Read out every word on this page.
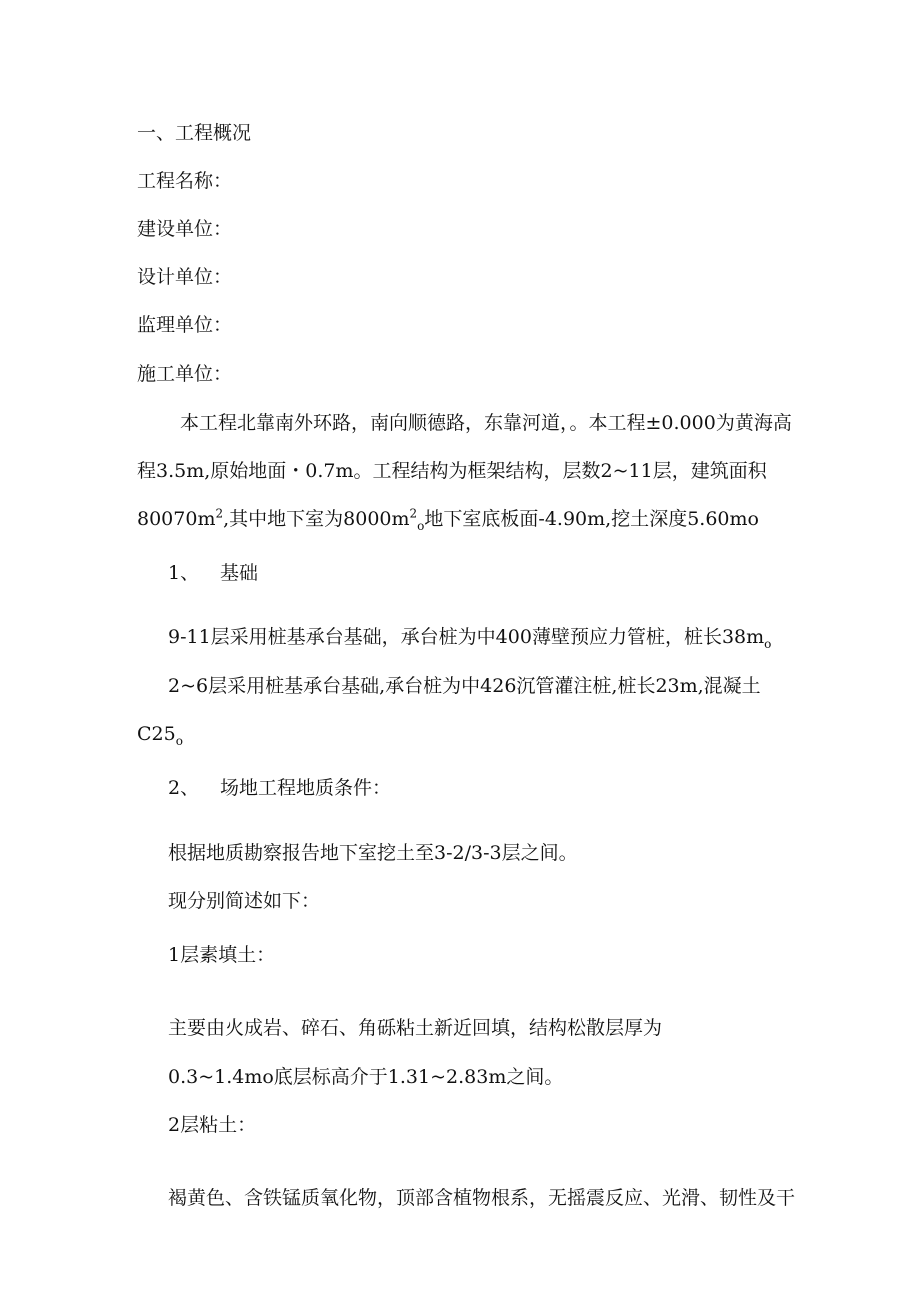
一、工程概况
工程名称：
建设单位：
设计单位：
监理单位：
施工单位：
本工程北靠南外环路，南向顺德路，东靠河道，。本工程±0.000为黄海高
程3.5m,原始地面・0.7m。工程结构为框架结构，层数2~11层，建筑面积
$80070m^2$,其中地下室为$8000m^2_o$地下室底板面-4.90m,挖土深度5.60mo
1、 基础
9-11层采用桩基承台基础，承台桩为中400薄壁预应力管桩，桩长$38m_o$
2~6层采用桩基承台基础,承台桩为中426沉管灌注桩,桩长23m,混凝土
$C25_o$
2、 场地工程地质条件：
根据地质勘察报告地下室挖土至3-2/3-3层之间。
现分别简述如下：
1层素填土：
主要由火成岩、碎石、角砾粘土新近回填，结构松散层厚为
0.3~1.4mo底层标高介于1.31~2.83m之间。
2层粘土：
褐黄色、含铁锰质氧化物，顶部含植物根系，无摇震反应、光滑、韧性及干
